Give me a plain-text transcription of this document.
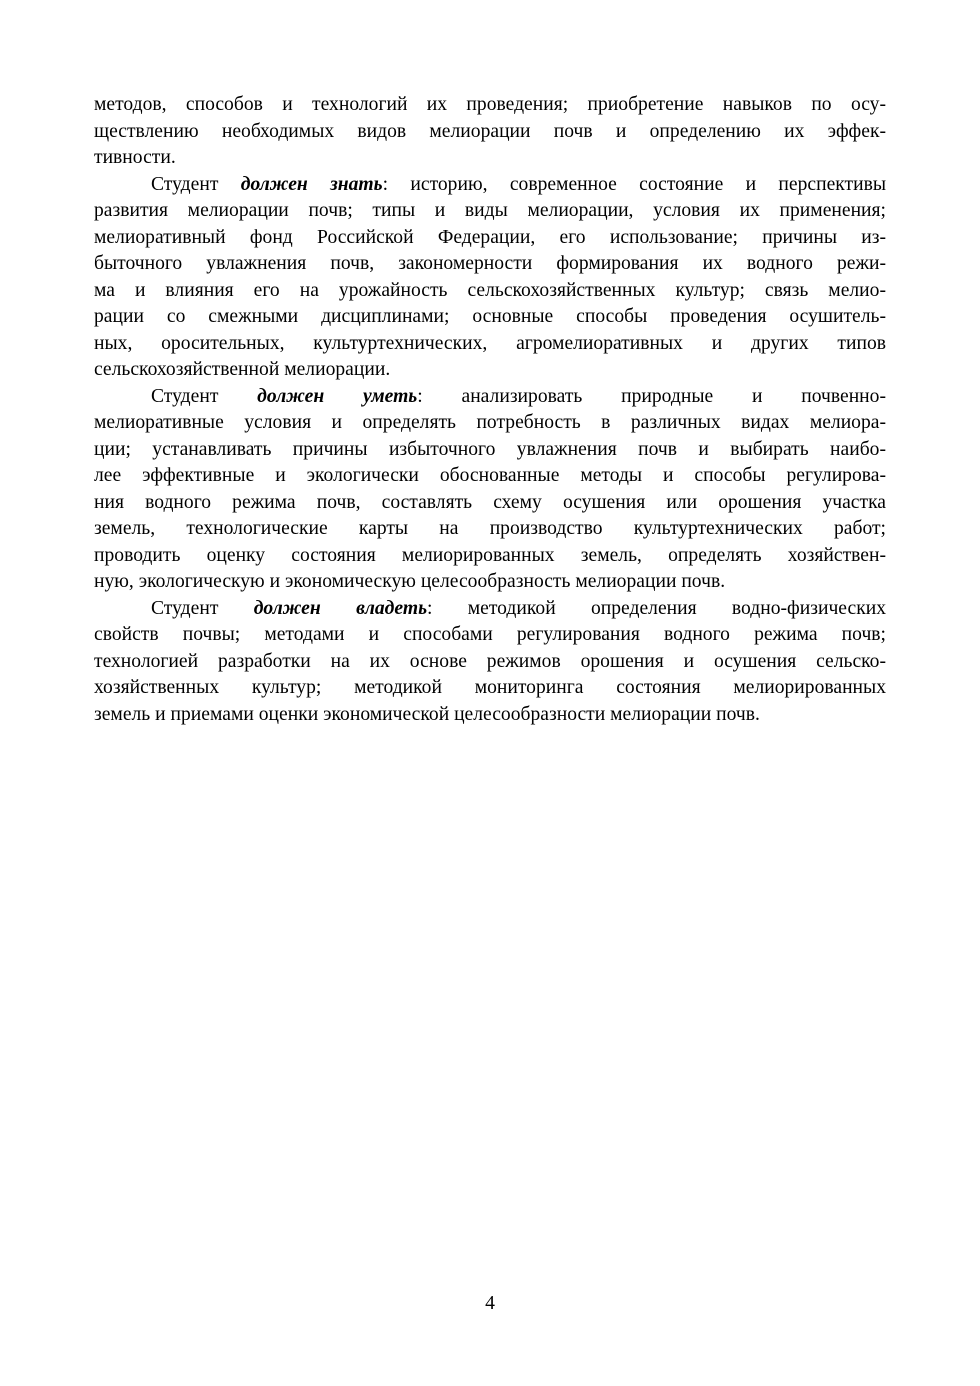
методов, способов и технологий их проведения; приобретение навыков по осу-
ществлению необходимых видов мелиорации почв и определению их эффек-
тивности.
Студент должен знать: историю, современное состояние и перспективы
развития мелиорации почв; типы и виды мелиорации, условия их применения;
мелиоративный фонд Российской Федерации, его использование; причины из-
быточного увлажнения почв, закономерности формирования их водного режи-
ма и влияния его на урожайность сельскохозяйственных культур; связь мелио-
рации со смежными дисциплинами; основные способы проведения осушитель-
ных, оросительных, культуртехнических, агромелиоративных и других типов
сельскохозяйственной мелиорации.
Студент должен уметь: анализировать природные и почвенно-
мелиоративные условия и определять потребность в различных видах мелиора-
ции; устанавливать причины избыточного увлажнения почв и выбирать наибо-
лее эффективные и экологически обоснованные методы и способы регулирова-
ния водного режима почв, составлять схему осушения или орошения участка
земель, технологические карты на производство культуртехнических работ;
проводить оценку состояния мелиорированных земель, определять хозяйствен-
ную, экологическую и экономическую целесообразность мелиорации почв.
Студент должен владеть: методикой определения водно-физических
свойств почвы; методами и способами регулирования водного режима почв;
технологией разработки на их основе режимов орошения и осушения сельско-
хозяйственных культур; методикой мониторинга состояния мелиорированных
земель и приемами оценки экономической целесообразности мелиорации почв.
4
